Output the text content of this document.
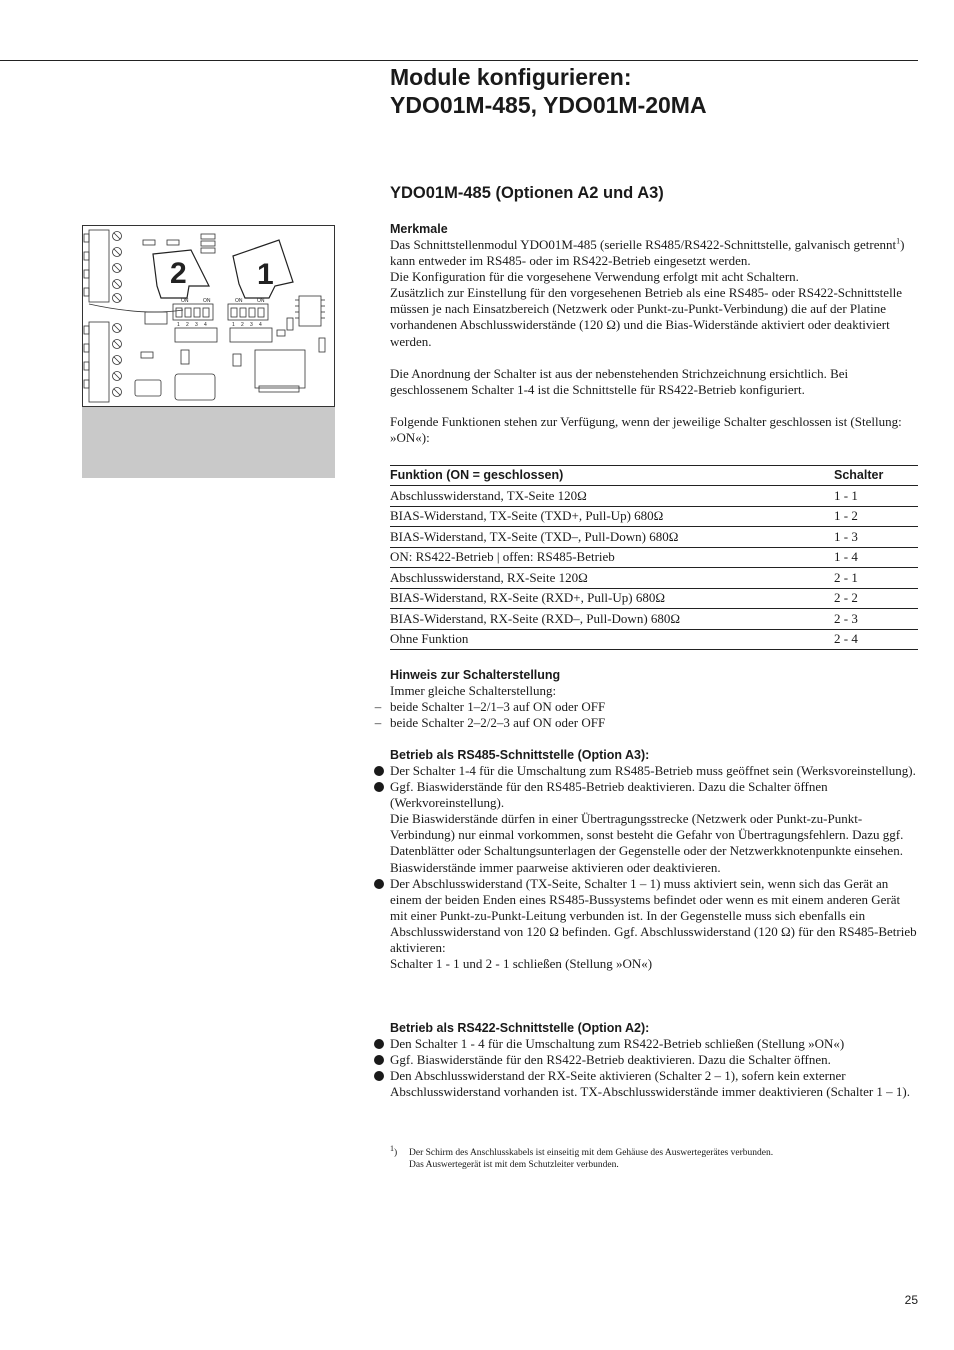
Module konfigurieren:
YDO01M-485, YDO01M-20MA
YDO01M-485 (Optionen A2 und A3)
2 1
ON	ON	ON	ON
1 2 3 4	1 2 3 4

Merkmale

Das Schnittstellenmodul YDO01M-485 (serielle RS485/RS422-Schnittstelle, galvanisch getrennt$^1$) kann entweder im RS485- oder im RS422-Betrieb eingesetzt werden.

Die Konfiguration für die vorgesehene Verwendung erfolgt mit acht Schaltern.

Zusätzlich zur Einstellung für den vorgesehenen Betrieb als eine RS485- oder RS422-Schnittstelle müssen je nach Einsatzbereich (Netzwerk oder Punkt-zu-Punkt-Verbindung) die auf der Platine vorhandenen Abschlusswiderstände (120 Ω) und die Bias-Widerstände aktiviert oder deaktiviert werden.

Die Anordnung der Schalter ist aus der nebenstehenden Strichzeichnung ersichtlich. Bei geschlossenem Schalter 1-4 ist die Schnittstelle für RS422-Betrieb konfiguriert.

Folgende Funktionen stehen zur Verfügung, wenn der jeweilige Schalter geschlossen ist (Stellung: »ON«):

Funktion (ON = geschlossen)	Schalter
Abschlusswiderstand, TX-Seite 120Ω	1 - 1
BIAS-Widerstand, TX-Seite (TXD+, Pull-Up) 680Ω	1 - 2
BIAS-Widerstand, TX-Seite (TXD–, Pull-Down) 680Ω	1 - 3
ON: RS422-Betrieb | offen: RS485-Betrieb	1 - 4
Abschlusswiderstand, RX-Seite 120Ω	2 - 1
BIAS-Widerstand, RX-Seite (RXD+, Pull-Up) 680Ω	2 - 2
BIAS-Widerstand, RX-Seite (RXD–, Pull-Down) 680Ω	2 - 3
Ohne Funktion	2 - 4

Hinweis zur Schalterstellung

Immer gleiche Schalterstellung:

– beide Schalter 1–2/1–3 auf ON oder OFF
– beide Schalter 2–2/2–3 auf ON oder OFF

Betrieb als RS485-Schnittstelle (Option A3):

Der Schalter 1-4 für die Umschaltung zum RS485-Betrieb muss geöffnet sein (Werksvoreinstellung).

Ggf. Biaswiderstände für den RS485-Betrieb deaktivieren. Dazu die Schalter öffnen (Werkvoreinstellung).

Die Biaswiderstände dürfen in einer Übertragungsstrecke (Netzwerk oder Punkt-zu-Punkt-Verbindung) nur einmal vorkommen, sonst besteht die Gefahr von Übertragungsfehlern. Dazu ggf. Datenblätter oder Schaltungsunterlagen der Gegenstelle oder der Netzwerkknotenpunkte einsehen. Biaswiderstände immer paarweise aktivieren oder deaktivieren.

Der Abschlusswiderstand (TX-Seite, Schalter 1 – 1) muss aktiviert sein, wenn sich das Gerät an einem der beiden Enden eines RS485-Bussystems befindet oder wenn es mit einem anderen Gerät mit einer Punkt-zu-Punkt-Leitung verbunden ist. In der Gegenstelle muss sich ebenfalls ein Abschlusswiderstand von 120 Ω befinden. Ggf. Abschlusswiderstand (120 Ω) für den RS485-Betrieb aktivieren:

Schalter 1 - 1 und 2 - 1 schließen (Stellung »ON«)

Betrieb als RS422-Schnittstelle (Option A2):

Den Schalter 1 - 4 für die Umschaltung zum RS422-Betrieb schließen (Stellung »ON«)

Ggf. Biaswiderstände für den RS422-Betrieb deaktivieren. Dazu die Schalter öffnen.

Den Abschlusswiderstand der RX-Seite aktivieren (Schalter 2 – 1), sofern kein externer Abschlusswiderstand vorhanden ist. TX-Abschlusswiderstände immer deaktivieren (Schalter 1 – 1).

$^1$) Der Schirm des Anschlusskabels ist einseitig mit dem Gehäuse des Auswertegerätes verbunden.
Das Auswertegerät ist mit dem Schutzleiter verbunden.
25
